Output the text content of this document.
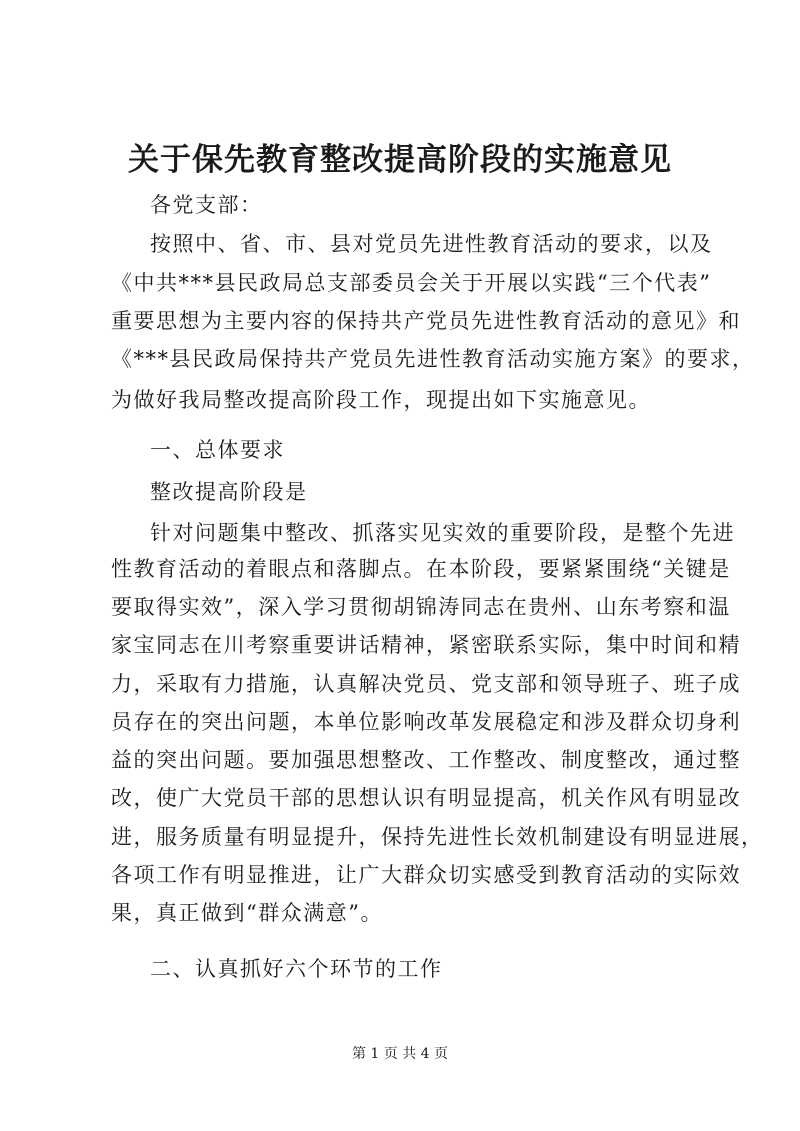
关于保先教育整改提高阶段的实施意见
各党支部：
按照中、省、市、县对党员先进性教育活动的要求，以及
《中共***县民政局总支部委员会关于开展以实践“三个代表”
重要思想为主要内容的保持共产党员先进性教育活动的意见》和
《***县民政局保持共产党员先进性教育活动实施方案》的要求，
为做好我局整改提高阶段工作，现提出如下实施意见。
一、总体要求
整改提高阶段是
针对问题集中整改、抓落实见实效的重要阶段，是整个先进
性教育活动的着眼点和落脚点。在本阶段，要紧紧围绕“关键是
要取得实效”，深入学习贯彻胡锦涛同志在贵州、山东考察和温
家宝同志在川考察重要讲话精神，紧密联系实际，集中时间和精
力，采取有力措施，认真解决党员、党支部和领导班子、班子成
员存在的突出问题，本单位影响改革发展稳定和涉及群众切身利
益的突出问题。要加强思想整改、工作整改、制度整改，通过整
改，使广大党员干部的思想认识有明显提高，机关作风有明显改
进，服务质量有明显提升，保持先进性长效机制建设有明显进展，
各项工作有明显推进，让广大群众切实感受到教育活动的实际效
果，真正做到“群众满意”。
二、认真抓好六个环节的工作
第 1 页 共 4 页
